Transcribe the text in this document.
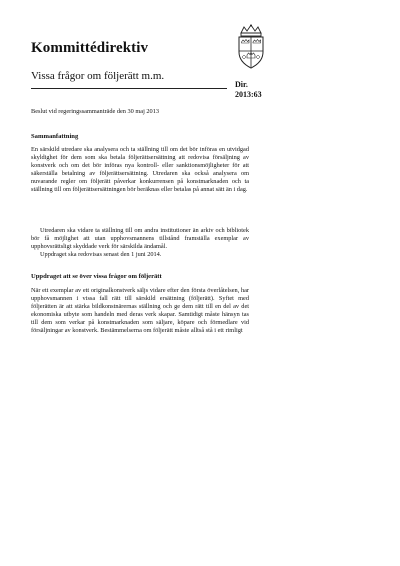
Kommittédirektiv
Vissa frågor om följerätt m.m.
Dir.
2013:63
Beslut vid regeringssammanträde den 30 maj 2013
Sammanfattning

En särskild utredare ska analysera och ta ställning till om det bör införas en utvidgad skyldighet för dem som ska betala följerättsersättning att redovisa försäljning av konstverk och om det bör införas nya kontroll- eller sanktionsmöjligheter för att säkerställa betalning av följerättsersättning. Utredaren ska också analysera om nuvarande regler om följerätt påverkar konkurrensen på konstmarknaden och ta ställning till om följerättsersättningen bör beräknas eller betalas på annat sätt än i dag.

Utredaren ska vidare ta ställning till om andra institutioner än arkiv och bibliotek bör få möjlighet att utan upphovsmannens tillstånd framställa exemplar av upphovsrättsligt skyddade verk för särskilda ändamål.

Uppdraget ska redovisas senast den 1 juni 2014.

Uppdraget att se över vissa frågor om följerätt

När ett exemplar av ett originalkonstverk säljs vidare efter den första överlåtelsen, har upphovsmannen i vissa fall rätt till särskild ersättning (följerätt). Syftet med följerätten är att stärka bildkonstnärernas ställning och ge dem rätt till en del av det ekonomiska utbyte som handeln med deras verk skapar. Samtidigt måste hänsyn tas till dem som verkar på konstmarknaden som säljare, köpare och förmedlare vid försäljningar av konstverk. Bestämmelserna om följerätt måste alltså stå i ett rimligt
